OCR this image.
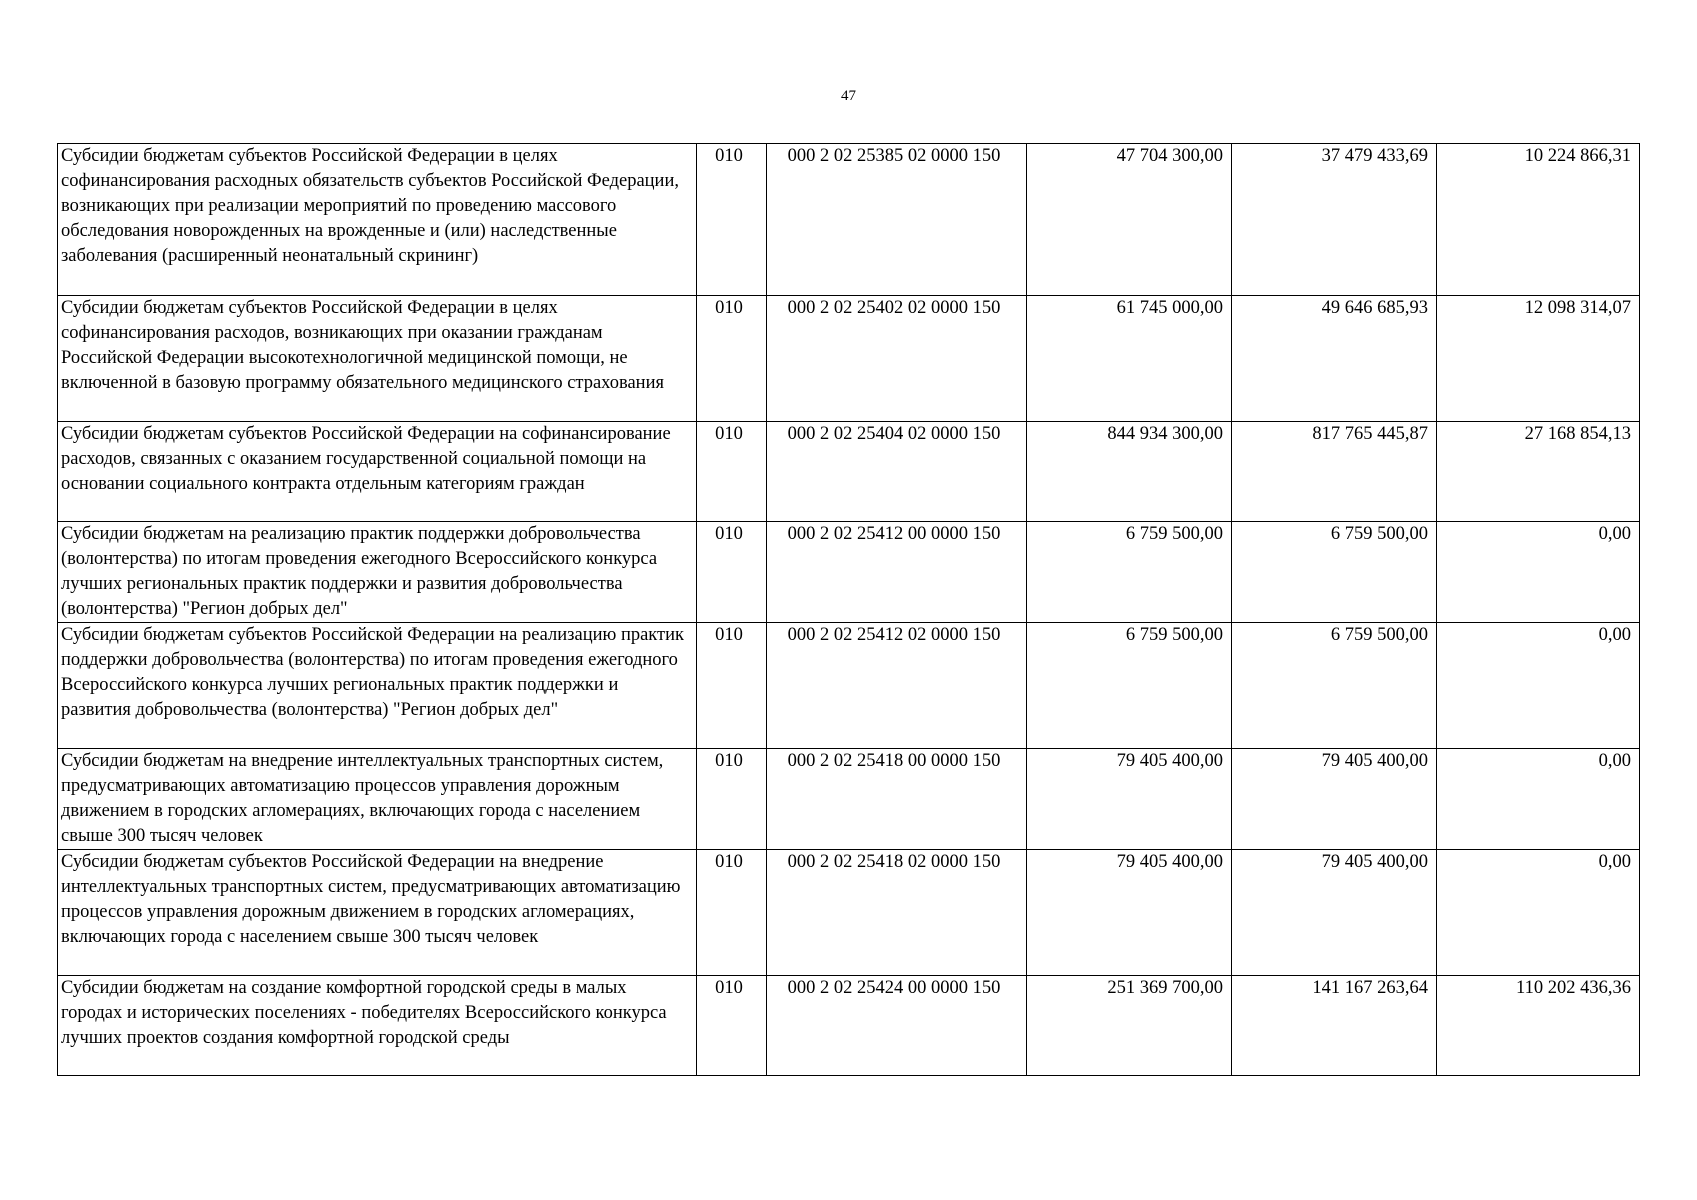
47
Субсидии бюджетам субъектов Российской Федерации в целях софинансирования расходных обязательств субъектов Российской Федерации, возникающих при реализации мероприятий по проведению массового обследования новорожденных на врожденные и (или) наследственные заболевания (расширенный неонатальный скрининг)	010	000 2 02 25385 02 0000 150	47 704 300,00	37 479 433,69	10 224 866,31
Субсидии бюджетам субъектов Российской Федерации в целях софинансирования расходов, возникающих при оказании гражданам Российской Федерации высокотехнологичной медицинской помощи, не включенной в базовую программу обязательного медицинского страхования	010	000 2 02 25402 02 0000 150	61 745 000,00	49 646 685,93	12 098 314,07
Субсидии бюджетам субъектов Российской Федерации на софинансирование расходов, связанных с оказанием государственной социальной помощи на основании социального контракта отдельным категориям граждан	010	000 2 02 25404 02 0000 150	844 934 300,00	817 765 445,87	27 168 854,13
Субсидии бюджетам на реализацию практик поддержки добровольчества (волонтерства) по итогам проведения ежегодного Всероссийского конкурса лучших региональных практик поддержки и развития добровольчества (волонтерства) "Регион добрых дел"	010	000 2 02 25412 00 0000 150	6 759 500,00	6 759 500,00	0,00
Субсидии бюджетам субъектов Российской Федерации на реализацию практик поддержки добровольчества (волонтерства) по итогам проведения ежегодного Всероссийского конкурса лучших региональных практик поддержки и развития добровольчества (волонтерства) "Регион добрых дел"	010	000 2 02 25412 02 0000 150	6 759 500,00	6 759 500,00	0,00
Субсидии бюджетам на внедрение интеллектуальных транспортных систем, предусматривающих автоматизацию процессов управления дорожным движением в городских агломерациях, включающих города с населением свыше 300 тысяч человек	010	000 2 02 25418 00 0000 150	79 405 400,00	79 405 400,00	0,00
Субсидии бюджетам субъектов Российской Федерации на внедрение интеллектуальных транспортных систем, предусматривающих автоматизацию процессов управления дорожным движением в городских агломерациях, включающих города с населением свыше 300 тысяч человек	010	000 2 02 25418 02 0000 150	79 405 400,00	79 405 400,00	0,00
Субсидии бюджетам на создание комфортной городской среды в малых городах и исторических поселениях - победителях Всероссийского конкурса лучших проектов создания комфортной городской среды	010	000 2 02 25424 00 0000 150	251 369 700,00	141 167 263,64	110 202 436,36
